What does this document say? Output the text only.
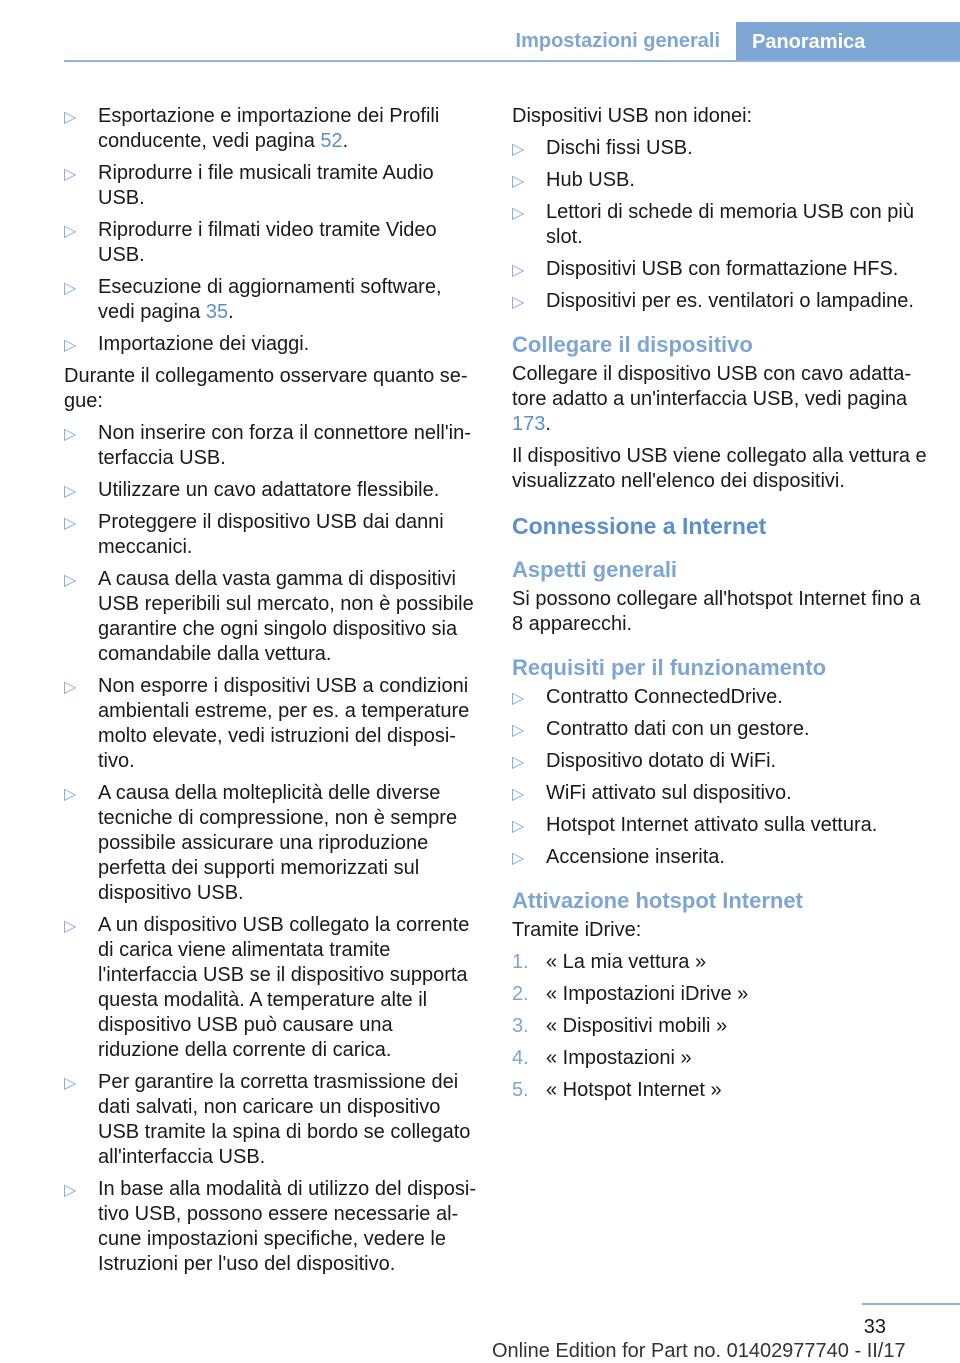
Impostazioni generali	Panoramica
▷ Esportazione e importazione dei Profili conducente, vedi pagina 52.
▷ Riprodurre i file musicali tramite Audio USB.
▷ Riprodurre i filmati video tramite Video USB.
▷ Esecuzione di aggiornamenti software, vedi pagina 35.
▷ Importazione dei viaggi.

Durante il collegamento osservare quanto segue:

▷ Non inserire con forza il connettore nell'interfaccia USB.
▷ Utilizzare un cavo adattatore flessibile.
▷ Proteggere il dispositivo USB dai danni meccanici.
▷ A causa della vasta gamma di dispositivi USB reperibili sul mercato, non è possibile garantire che ogni singolo dispositivo sia comandabile dalla vettura.
▷ Non esporre i dispositivi USB a condizioni ambientali estreme, per es. a temperature molto elevate, vedi istruzioni del dispositivo.
▷ A causa della molteplicità delle diverse tecniche di compressione, non è sempre possibile assicurare una riproduzione perfetta dei supporti memorizzati sul dispositivo USB.
▷ A un dispositivo USB collegato la corrente di carica viene alimentata tramite l'interfaccia USB se il dispositivo supporta questa modalità. A temperature alte il dispositivo USB può causare una riduzione della corrente di carica.
▷ Per garantire la corretta trasmissione dei dati salvati, non caricare un dispositivo USB tramite la spina di bordo se collegato all'interfaccia USB.
▷ In base alla modalità di utilizzo del dispositivo USB, possono essere necessarie alcune impostazioni specifiche, vedere le Istruzioni per l'uso del dispositivo.

Dispositivi USB non idonei:

▷ Dischi fissi USB.
▷ Hub USB.
▷ Lettori di schede di memoria USB con più slot.
▷ Dispositivi USB con formattazione HFS.
▷ Dispositivi per es. ventilatori o lampadine.
Collegare il dispositivo

Collegare il dispositivo USB con cavo adattatore adatto a un'interfaccia USB, vedi pagina 173.

Il dispositivo USB viene collegato alla vettura e visualizzato nell'elenco dei dispositivi.

Connessione a Internet
Aspetti generali

Si possono collegare all'hotspot Internet fino a 8 apparecchi.

Requisiti per il funzionamento
▷ Contratto ConnectedDrive.
▷ Contratto dati con un gestore.
▷ Dispositivo dotato di WiFi.
▷ WiFi attivato sul dispositivo.
▷ Hotspot Internet attivato sulla vettura.
▷ Accensione inserita.
Attivazione hotspot Internet

Tramite iDrive:

1. « La mia vettura »
2. « Impostazioni iDrive »
3. « Dispositivi mobili »
4. « Impostazioni »
5. « Hotspot Internet »
33
Online Edition for Part no. 01402977740 - II/17
